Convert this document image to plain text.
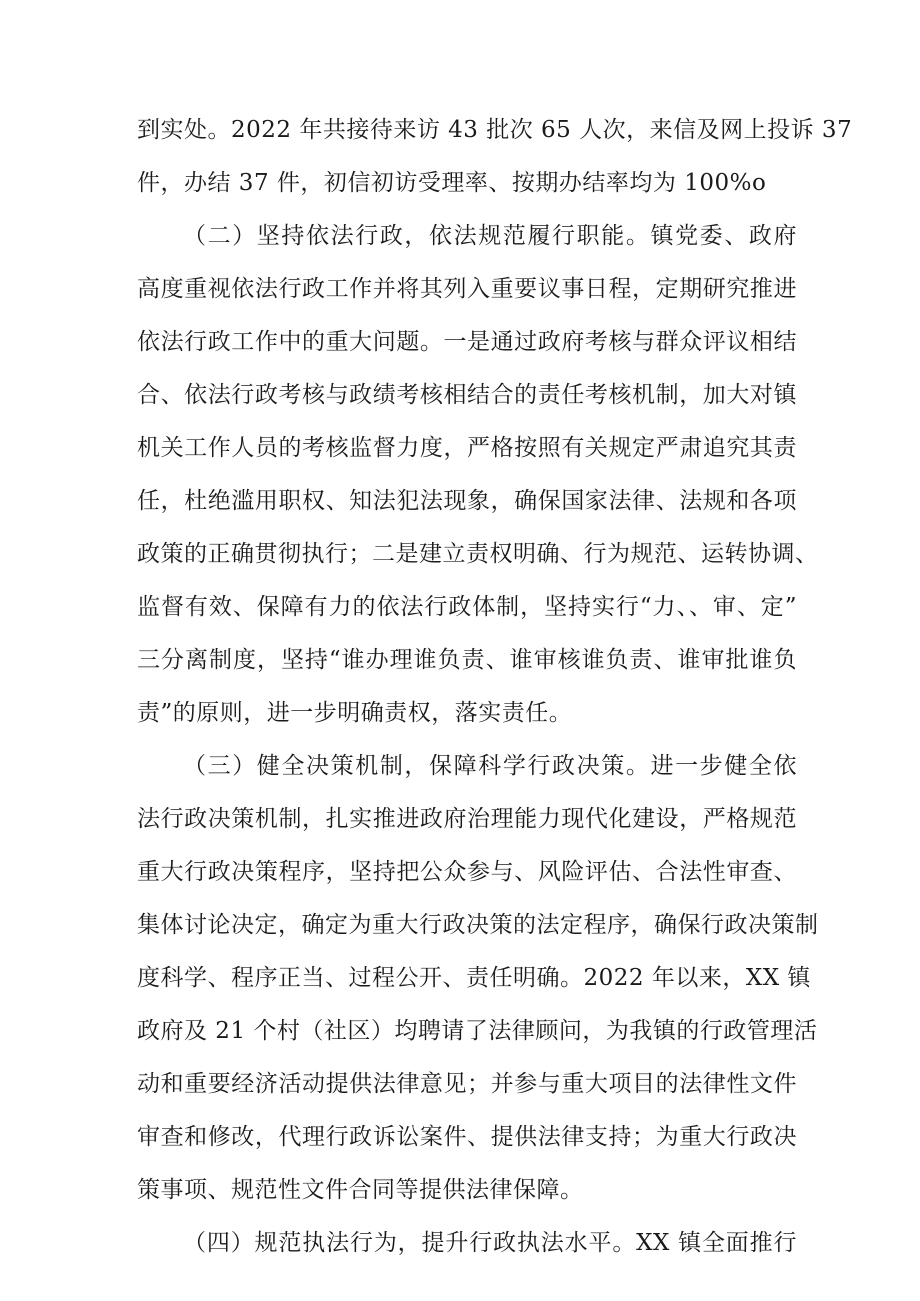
到实处。2022 年共接待来访 43 批次 65 人次，来信及网上投诉 37
件，办结 37 件，初信初访受理率、按期办结率均为 100%o
（二）坚持依法行政，依法规范履行职能。镇党委、政府
高度重视依法行政工作并将其列入重要议事日程，定期研究推进
依法行政工作中的重大问题。一是通过政府考核与群众评议相结
合、依法行政考核与政绩考核相结合的责任考核机制，加大对镇
机关工作人员的考核监督力度，严格按照有关规定严肃追究其责
任，杜绝滥用职权、知法犯法现象，确保国家法律、法规和各项
政策的正确贯彻执行；二是建立责权明确、行为规范、运转协调、
监督有效、保障有力的依法行政体制，坚持实行“力、、审、定”
三分离制度，坚持“谁办理谁负责、谁审核谁负责、谁审批谁负
责”的原则，进一步明确责权，落实责任。
（三）健全决策机制，保障科学行政决策。进一步健全依
法行政决策机制，扎实推进政府治理能力现代化建设，严格规范
重大行政决策程序，坚持把公众参与、风险评估、合法性审查、
集体讨论决定，确定为重大行政决策的法定程序，确保行政决策制
度科学、程序正当、过程公开、责任明确。2022 年以来，XX 镇
政府及 21 个村（社区）均聘请了法律顾问，为我镇的行政管理活
动和重要经济活动提供法律意见；并参与重大项目的法律性文件
审查和修改，代理行政诉讼案件、提供法律支持；为重大行政决
策事项、规范性文件合同等提供法律保障。
（四）规范执法行为，提升行政执法水平。XX 镇全面推行
